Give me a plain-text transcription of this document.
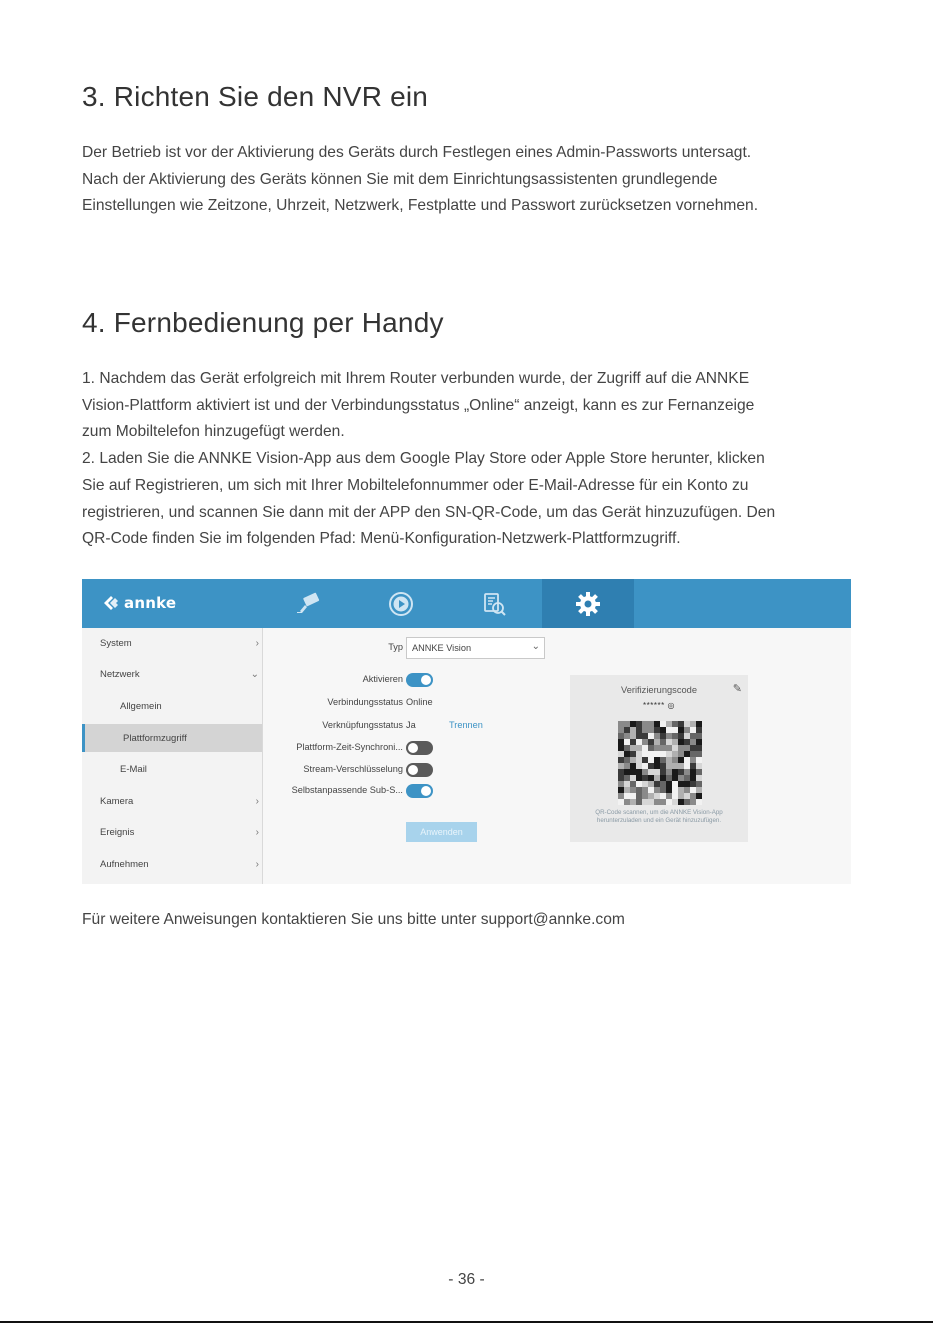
3. Richten Sie den NVR ein

Der Betrieb ist vor der Aktivierung des Geräts durch Festlegen eines Admin-Passworts untersagt.
Nach der Aktivierung des Geräts können Sie mit dem Einrichtungsassistenten grundlegende
Einstellungen wie Zeitzone, Uhrzeit, Netzwerk, Festplatte und Passwort zurücksetzen vornehmen.

4. Fernbedienung per Handy

1. Nachdem das Gerät erfolgreich mit Ihrem Router verbunden wurde, der Zugriff auf die ANNKE
Vision-Plattform aktiviert ist und der Verbindungsstatus „Online“ anzeigt, kann es zur Fernanzeige
zum Mobiltelefon hinzugefügt werden.
2. Laden Sie die ANNKE Vision-App aus dem Google Play Store oder Apple Store herunter, klicken
Sie auf Registrieren, um sich mit Ihrer Mobiltelefonnummer oder E-Mail-Adresse für ein Konto zu
registrieren, und scannen Sie dann mit der APP den SN-QR-Code, um das Gerät hinzuzufügen. Den
QR-Code finden Sie im folgenden Pfad: Menü-Konfiguration-Netzwerk-Plattformzugriff.

annke
System	›
Netzwerk	⌄
Allgemein
Plattformzugriff
E-Mail
Kamera	›
Ereignis	›
Aufnehmen	›
Typ ANNKE Vision	⌄
Aktivieren
Verbindungsstatus Online
Verknüpfungsstatus Ja	Trennen
Plattform-Zeit-Synchroni...
Stream-Verschlüsselung
Selbstanpassende Sub-S...
Anwenden
Verifizierungscode	✎
****** ◎
QR-Code scannen, um die ANNKE Vision-App herunterzuladen und ein Gerät hinzuzufügen.
Für weitere Anweisungen kontaktieren Sie uns bitte unter support@annke.com
- 36 -
